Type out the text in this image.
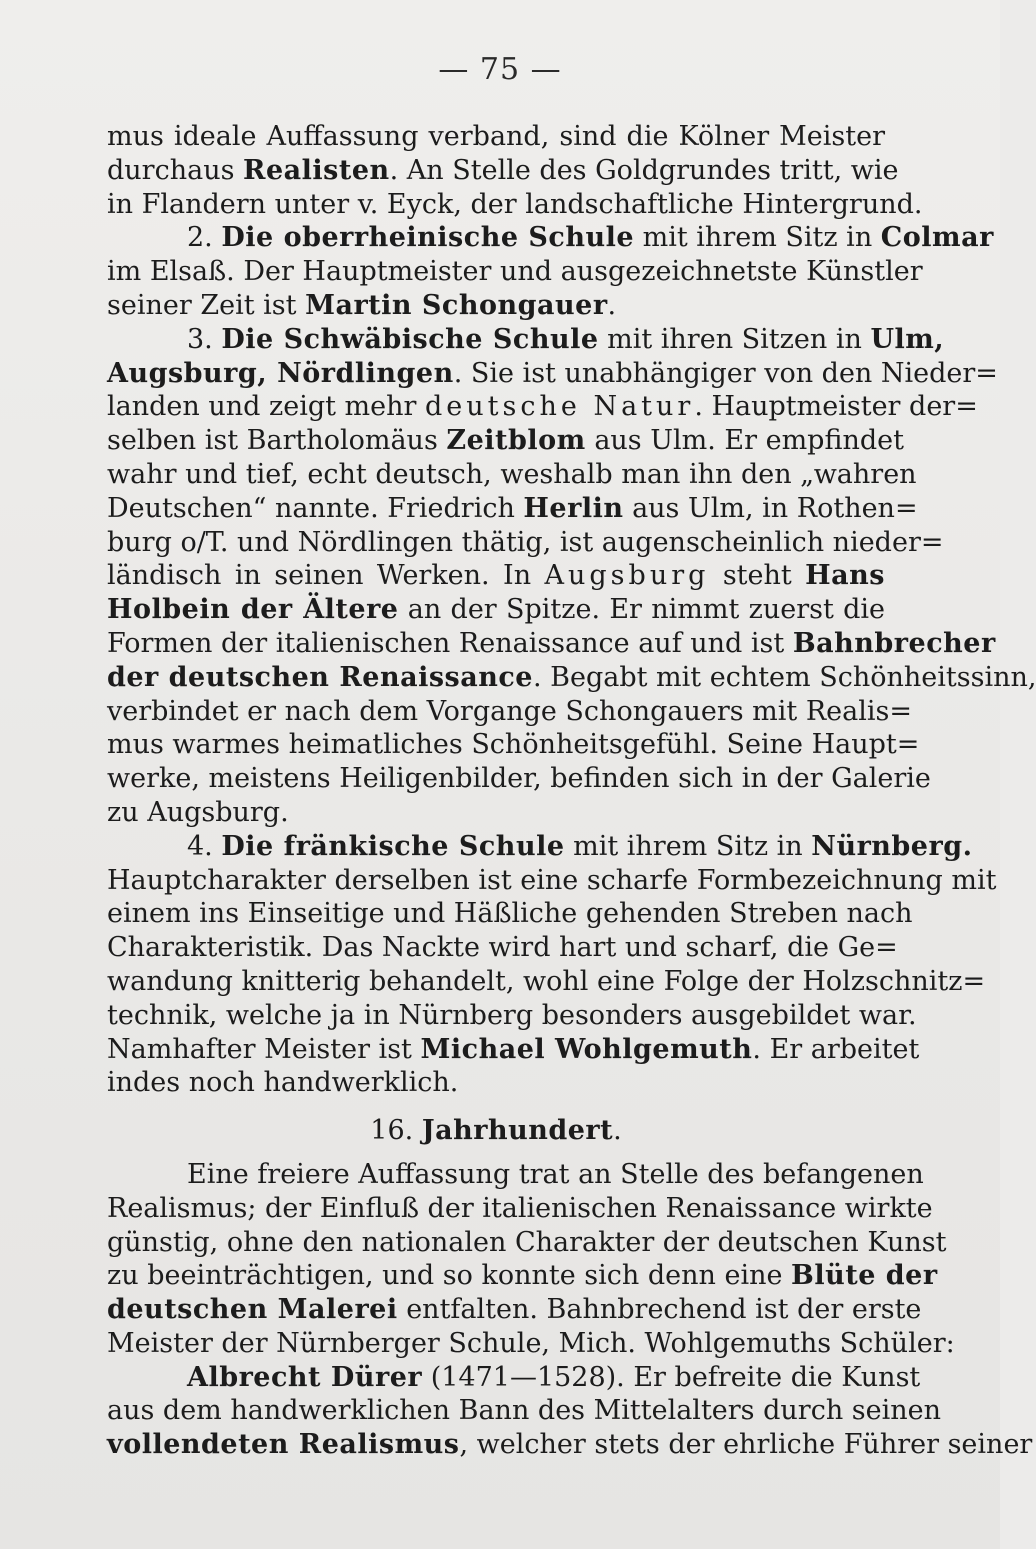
— 75 —
mus ideale Auffassung verband, sind die Kölner Meister
durchaus Realisten. An Stelle des Goldgrundes tritt, wie
in Flandern unter v. Eyck, der landschaftliche Hintergrund.
2. Die oberrheinische Schule mit ihrem Sitz in Colmar
im Elsaß. Der Hauptmeister und ausgezeichnetste Künstler
seiner Zeit ist Martin Schongauer.
3. Die Schwäbische Schule mit ihren Sitzen in Ulm,
Augsburg, Nördlingen. Sie ist unabhängiger von den Nieder=
landen und zeigt mehr deutsche Natur. Hauptmeister der=
selben ist Bartholomäus Zeitblom aus Ulm. Er empfindet
wahr und tief, echt deutsch, weshalb man ihn den „wahren
Deutschen“ nannte. Friedrich Herlin aus Ulm, in Rothen=
burg o/T. und Nördlingen thätig, ist augenscheinlich nieder=
ländisch in seinen Werken. In Augsburg steht Hans
Holbein der Ältere an der Spitze. Er nimmt zuerst die
Formen der italienischen Renaissance auf und ist Bahnbrecher
der deutschen Renaissance. Begabt mit echtem Schönheitssinn,
verbindet er nach dem Vorgange Schongauers mit Realis=
mus warmes heimatliches Schönheitsgefühl. Seine Haupt=
werke, meistens Heiligenbilder, befinden sich in der Galerie
zu Augsburg.
4. Die fränkische Schule mit ihrem Sitz in Nürnberg.
Hauptcharakter derselben ist eine scharfe Formbezeichnung mit
einem ins Einseitige und Häßliche gehenden Streben nach
Charakteristik. Das Nackte wird hart und scharf, die Ge=
wandung knitterig behandelt, wohl eine Folge der Holzschnitz=
technik, welche ja in Nürnberg besonders ausgebildet war.
Namhafter Meister ist Michael Wohlgemuth. Er arbeitet
indes noch handwerklich.
16. Jahrhundert.
Eine freiere Auffassung trat an Stelle des befangenen
Realismus; der Einfluß der italienischen Renaissance wirkte
günstig, ohne den nationalen Charakter der deutschen Kunst
zu beeinträchtigen, und so konnte sich denn eine Blüte der
deutschen Malerei entfalten. Bahnbrechend ist der erste
Meister der Nürnberger Schule, Mich. Wohlgemuths Schüler:
Albrecht Dürer (1471—1528). Er befreite die Kunst
aus dem handwerklichen Bann des Mittelalters durch seinen
vollendeten Realismus, welcher stets der ehrliche Führer seiner
